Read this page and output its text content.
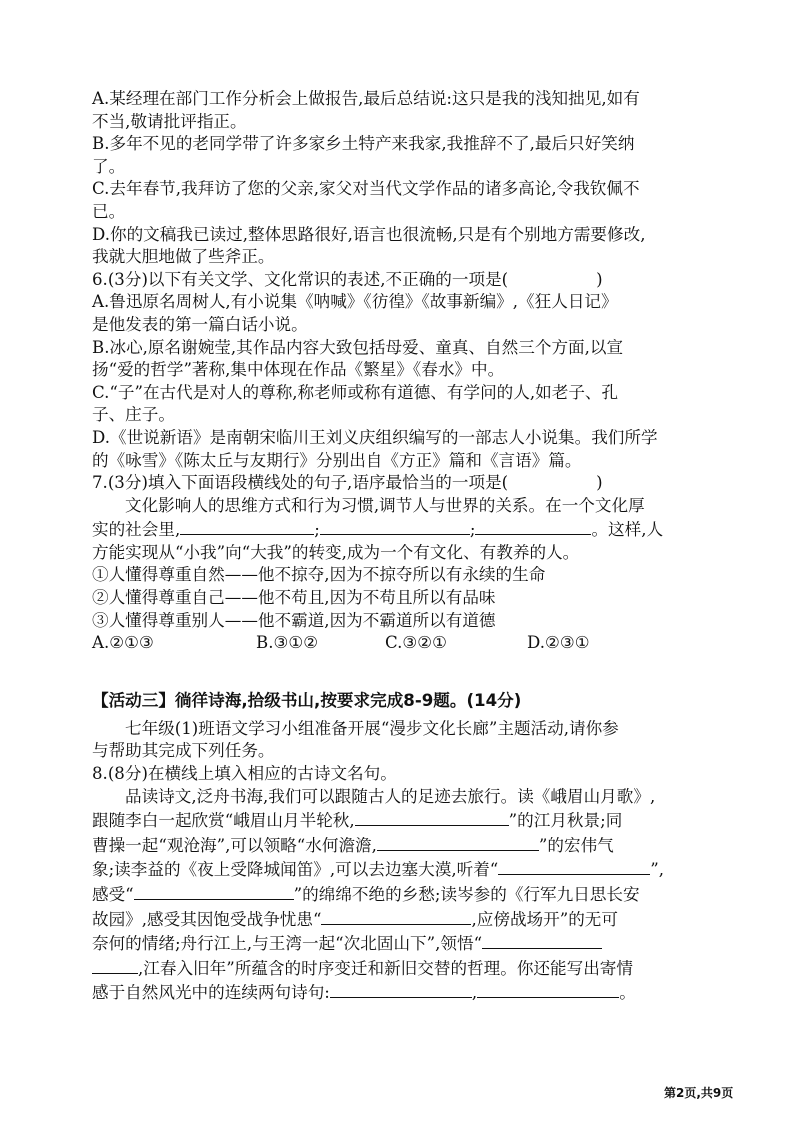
A.某经理在部门工作分析会上做报告,最后总结说:这只是我的浅知拙见,如有

不当,敬请批评指正。

B.多年不见的老同学带了许多家乡土特产来我家,我推辞不了,最后只好笑纳

了。

C.去年春节,我拜访了您的父亲,家父对当代文学作品的诸多高论,令我钦佩不

已。

D.你的文稿我已读过,整体思路很好,语言也很流畅,只是有个别地方需要修改,

我就大胆地做了些斧正。

6.(3分)以下有关文学、文化常识的表述,不正确的一项是(	)

A.鲁迅原名周树人,有小说集《呐喊》《彷徨》《故事新编》,《狂人日记》

是他发表的第一篇白话小说。

B.冰心,原名谢婉莹,其作品内容大致包括母爱、童真、自然三个方面,以宣

扬“爱的哲学”著称,集中体现在作品《繁星》《春水》中。

C.“子”在古代是对人的尊称,称老师或称有道德、有学问的人,如老子、孔

子、庄子。

D.《世说新语》是南朝宋临川王刘义庆组织编写的一部志人小说集。我们所学

的《咏雪》《陈太丘与友期行》分别出自《方正》篇和《言语》篇。

7.(3分)填入下面语段横线处的句子,语序最恰当的一项是(	)

文化影响人的思维方式和行为习惯,调节人与世界的关系。在一个文化厚

实的社会里,	;	;	。这样,人

方能实现从“小我”向“大我”的转变,成为一个有文化、有教养的人。

①人懂得尊重自然——他不掠夺,因为不掠夺所以有永续的生命

②人懂得尊重自己——他不苟且,因为不苟且所以有品味

③人懂得尊重别人——他不霸道,因为不霸道所以有道德

A.②①③	B.③①②	C.③②①	D.②③①

【活动三】徜徉诗海,拾级书山,按要求完成8-9题。(14分)

七年级(1)班语文学习小组准备开展“漫步文化长廊”主题活动,请你参

与帮助其完成下列任务。

8.(8分)在横线上填入相应的古诗文名句。

品读诗文,泛舟书海,我们可以跟随古人的足迹去旅行。读《峨眉山月歌》,

跟随李白一起欣赏“峨眉山月半轮秋,	”的江月秋景;同

曹操一起“观沧海”,可以领略“水何澹澹,	”的宏伟气

象;读李益的《夜上受降城闻笛》,可以去边塞大漠,听着“	”,

感受“	”的绵绵不绝的乡愁;读岑参的《行军九日思长安

故园》,感受其因饱受战争忧患“	,应傍战场开”的无可

奈何的情绪;舟行江上,与王湾一起“次北固山下”,领悟“

,江春入旧年”所蕴含的时序变迁和新旧交替的哲理。你还能写出寄情

感于自然风光中的连续两句诗句:	,	。

第2页,共9页
